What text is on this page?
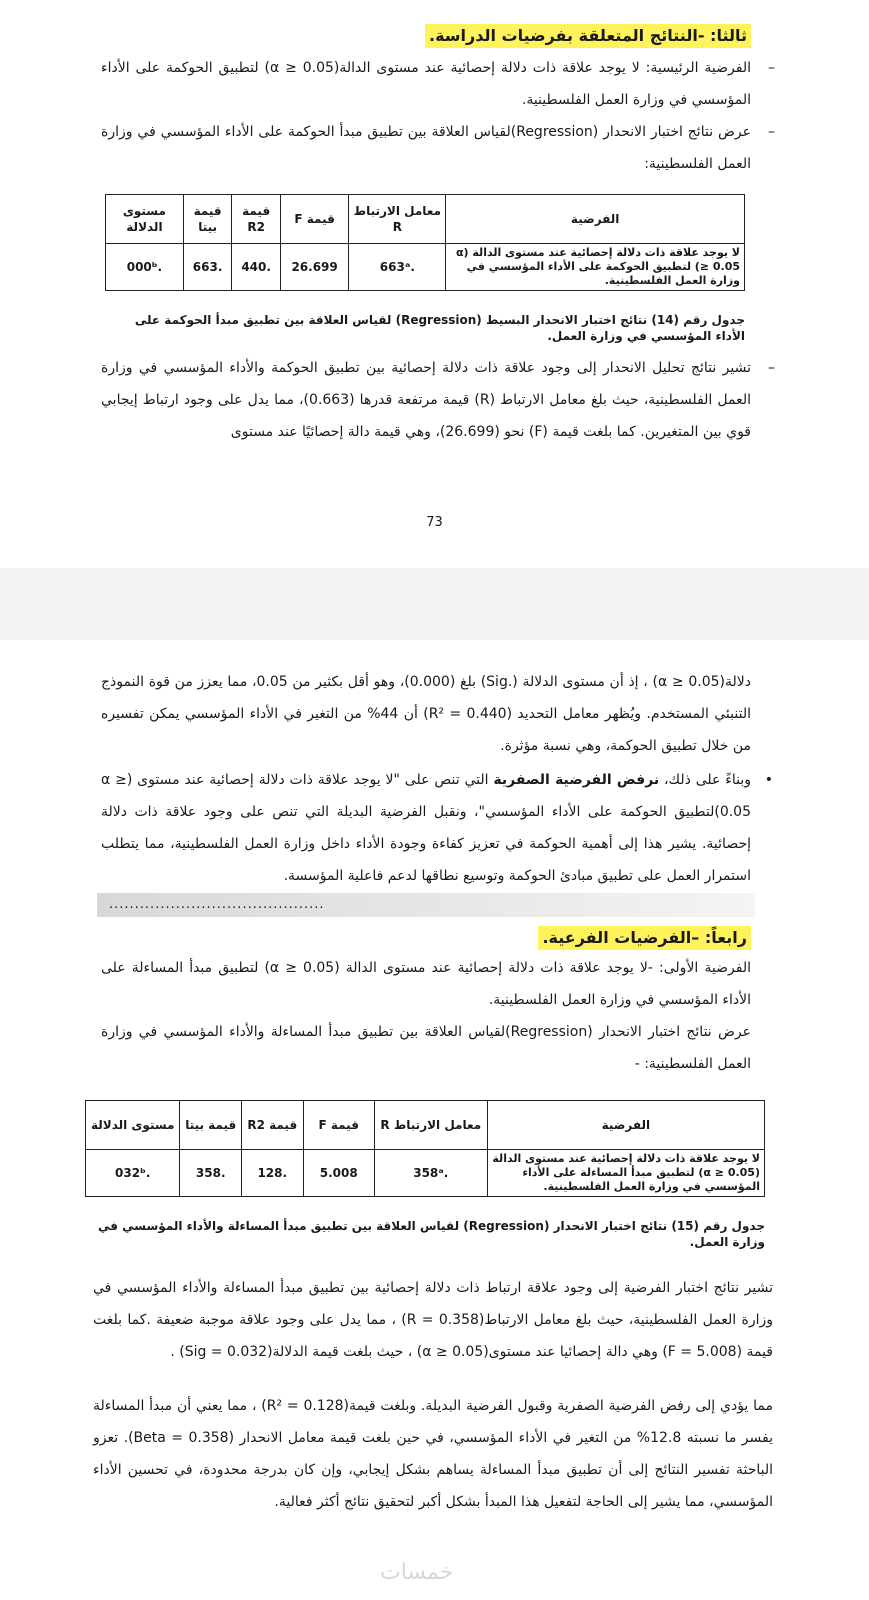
ثالثا: -النتائج المتعلقة بفرضيات الدراسة.

– الفرضية الرئيسية: لا يوجد علاقة ذات دلالة إحصائية عند مستوى الدالة(α ≥ 0.05) لتطبيق الحوكمة على الأداء المؤسسي في وزارة العمل الفلسطينية.

– عرض نتائج اختبار الانحدار (Regression)لقياس العلاقة بين تطبيق مبدأ الحوكمة على الأداء المؤسسي في وزارة العمل الفلسطينية:

الفرضية	معامل الارتباط R	قيمة F	قيمة R2	قيمة بيتا	مستوى الدلالة
لا يوجد علاقة ذات دلالة إحصائية عند مستوى الدالة (α ≥ 0.05) لتطبيق الحوكمة على الأداء المؤسسي في وزارة العمل الفلسطينية.	.663ᵃ	26.699	.440	.663	.000ᵇ

جدول رقم (14) نتائج اختبار الانحدار البسيط (Regression) لقياس العلاقة بين تطبيق مبدأ الحوكمة على الأداء المؤسسي في وزارة العمل.

– تشير نتائج تحليل الانحدار إلى وجود علاقة ذات دلالة إحصائية بين تطبيق الحوكمة والأداء المؤسسي في وزارة العمل الفلسطينية، حيث بلغ معامل الارتباط (R) قيمة مرتفعة قدرها (0.663)، مما يدل على وجود ارتباط إيجابي قوي بين المتغيرين. كما بلغت قيمة (F) نحو (26.699)، وهي قيمة دالة إحصائيًا عند مستوى

73

دلالة(α ≥ 0.05) ، إذ أن مستوى الدلالة (.Sig) بلغ (0.000)، وهو أقل بكثير من 0.05، مما يعزز من قوة النموذج التنبئي المستخدم. ويُظهر معامل التحديد (R² = 0.440) أن 44% من التغير في الأداء المؤسسي يمكن تفسيره من خلال تطبيق الحوكمة، وهي نسبة مؤثرة.

• وبناءً على ذلك، نرفض الفرضية الصفرية التي تنص على "لا يوجد علاقة ذات دلالة إحصائية عند مستوى (α ≥ 0.05)لتطبيق الحوكمة على الأداء المؤسسي"، ونقبل الفرضية البديلة التي تنص على وجود علاقة ذات دلالة إحصائية. يشير هذا إلى أهمية الحوكمة في تعزيز كفاءة وجودة الأداء داخل وزارة العمل الفلسطينية، مما يتطلب استمرار العمل على تطبيق مبادئ الحوكمة وتوسيع نطاقها لدعم فاعلية المؤسسة.

..........................................
رابعاً: –الفرضيات الفرعية.

الفرضية الأولى: -لا يوجد علاقة ذات دلالة إحصائية عند مستوى الدالة (α ≥ 0.05) لتطبيق مبدأ المساءلة على الأداء المؤسسي في وزارة العمل الفلسطينية.

عرض نتائج اختبار الانحدار (Regression)لقياس العلاقة بين تطبيق مبدأ المساءلة والأداء المؤسسي في وزارة العمل الفلسطينية: -

الفرضية	معامل الارتباط R	قيمة F	قيمة R2	قيمة بيتا	مستوى الدلالة
لا يوجد علاقة ذات دلالة إحصائية عند مستوى الدالة (α ≥ 0.05) لتطبيق مبدأ المساءلة على الأداء المؤسسي في وزارة العمل الفلسطينية.	.358ᵃ	5.008	.128	.358	.032ᵇ

جدول رقم (15) نتائج اختبار الانحدار (Regression) لقياس العلاقة بين تطبيق مبدأ المساءلة والأداء المؤسسي في وزارة العمل.

تشير نتائج اختبار الفرضية إلى وجود علاقة ارتباط ذات دلالة إحصائية بين تطبيق مبدأ المساءلة والأداء المؤسسي في وزارة العمل الفلسطينية، حيث بلغ معامل الارتباط(R = 0.358) ، مما يدل على وجود علاقة موجبة ضعيفة .كما بلغت قيمة (F = 5.008) وهي دالة إحصائيا عند مستوى(α ≥ 0.05) ، حيث بلغت قيمة الدلالة(Sig = 0.032) .

مما يؤدي إلى رفض الفرضية الصفرية وقبول الفرضية البديلة. وبلغت قيمة(R² = 0.128) ، مما يعني أن مبدأ المساءلة يفسر ما نسبته 12.8% من التغير في الأداء المؤسسي، في حين بلغت قيمة معامل الانحدار (Beta = 0.358). تعزو الباحثة تفسير النتائج إلى أن تطبيق مبدأ المساءلة يساهم بشكل إيجابي، وإن كان بدرجة محدودة، في تحسين الأداء المؤسسي، مما يشير إلى الحاجة لتفعيل هذا المبدأ بشكل أكبر لتحقيق نتائج أكثر فعالية.

خمسات
